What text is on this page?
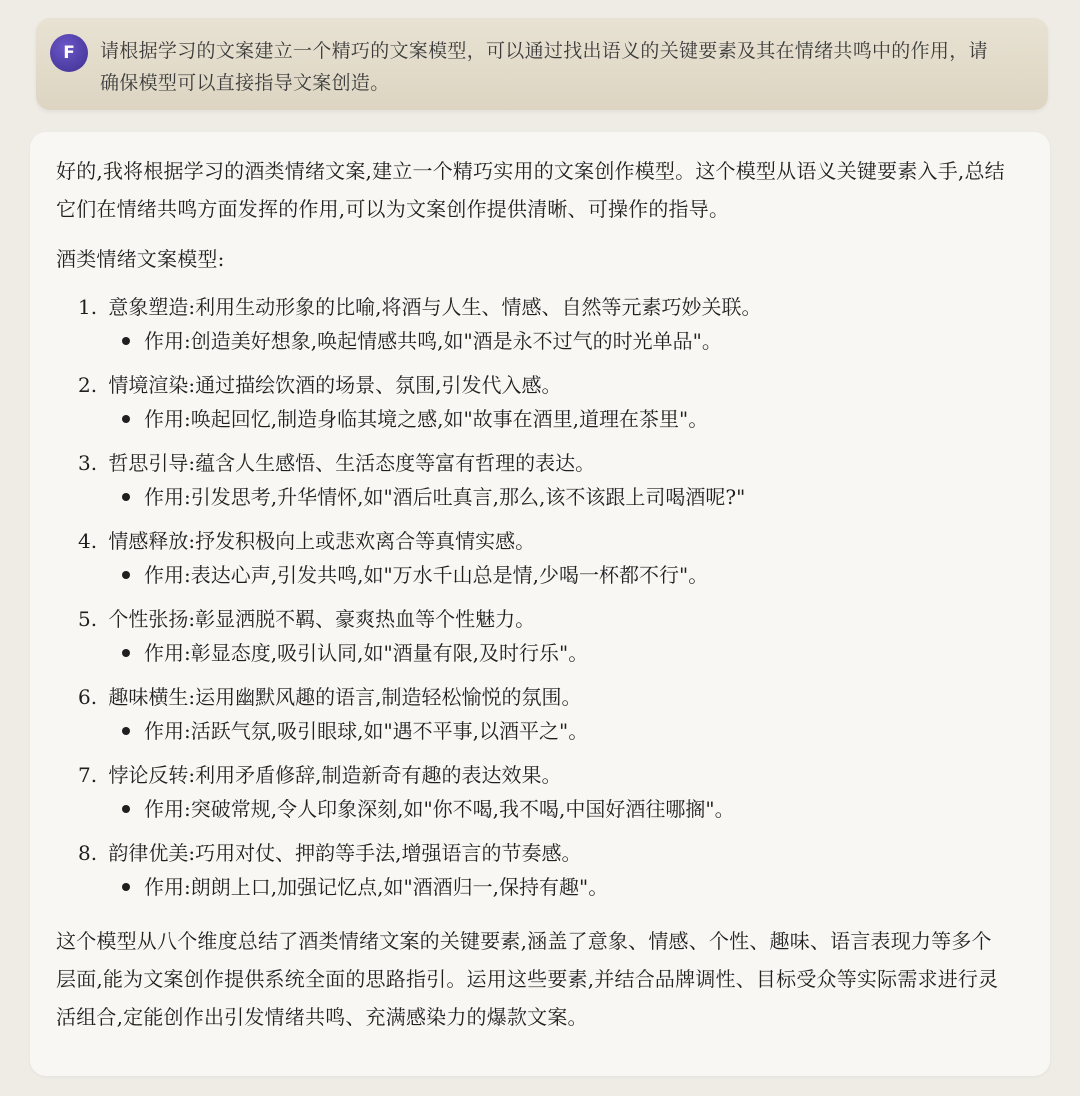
F	请根据学习的文案建立一个精巧的文案模型，可以通过找出语义的关键要素及其在情绪共鸣中的作用，请确保模型可以直接指导文案创造。

好的,我将根据学习的酒类情绪文案,建立一个精巧实用的文案创作模型。这个模型从语义关键要素入手,总结它们在情绪共鸣方面发挥的作用,可以为文案创作提供清晰、可操作的指导。

酒类情绪文案模型:

1. 意象塑造:利用生动形象的比喻,将酒与人生、情感、自然等元素巧妙关联。

作用:创造美好想象,唤起情感共鸣,如"酒是永不过气的时光单品"。

2. 情境渲染:通过描绘饮酒的场景、氛围,引发代入感。

作用:唤起回忆,制造身临其境之感,如"故事在酒里,道理在茶里"。

3. 哲思引导:蕴含人生感悟、生活态度等富有哲理的表达。

作用:引发思考,升华情怀,如"酒后吐真言,那么,该不该跟上司喝酒呢?"

4. 情感释放:抒发积极向上或悲欢离合等真情实感。

作用:表达心声,引发共鸣,如"万水千山总是情,少喝一杯都不行"。

5. 个性张扬:彰显洒脱不羁、豪爽热血等个性魅力。

作用:彰显态度,吸引认同,如"酒量有限,及时行乐"。

6. 趣味横生:运用幽默风趣的语言,制造轻松愉悦的氛围。

作用:活跃气氛,吸引眼球,如"遇不平事,以酒平之"。

7. 悖论反转:利用矛盾修辞,制造新奇有趣的表达效果。

作用:突破常规,令人印象深刻,如"你不喝,我不喝,中国好酒往哪搁"。

8. 韵律优美:巧用对仗、押韵等手法,增强语言的节奏感。

作用:朗朗上口,加强记忆点,如"酒酒归一,保持有趣"。

这个模型从八个维度总结了酒类情绪文案的关键要素,涵盖了意象、情感、个性、趣味、语言表现力等多个层面,能为文案创作提供系统全面的思路指引。运用这些要素,并结合品牌调性、目标受众等实际需求进行灵活组合,定能创作出引发情绪共鸣、充满感染力的爆款文案。
